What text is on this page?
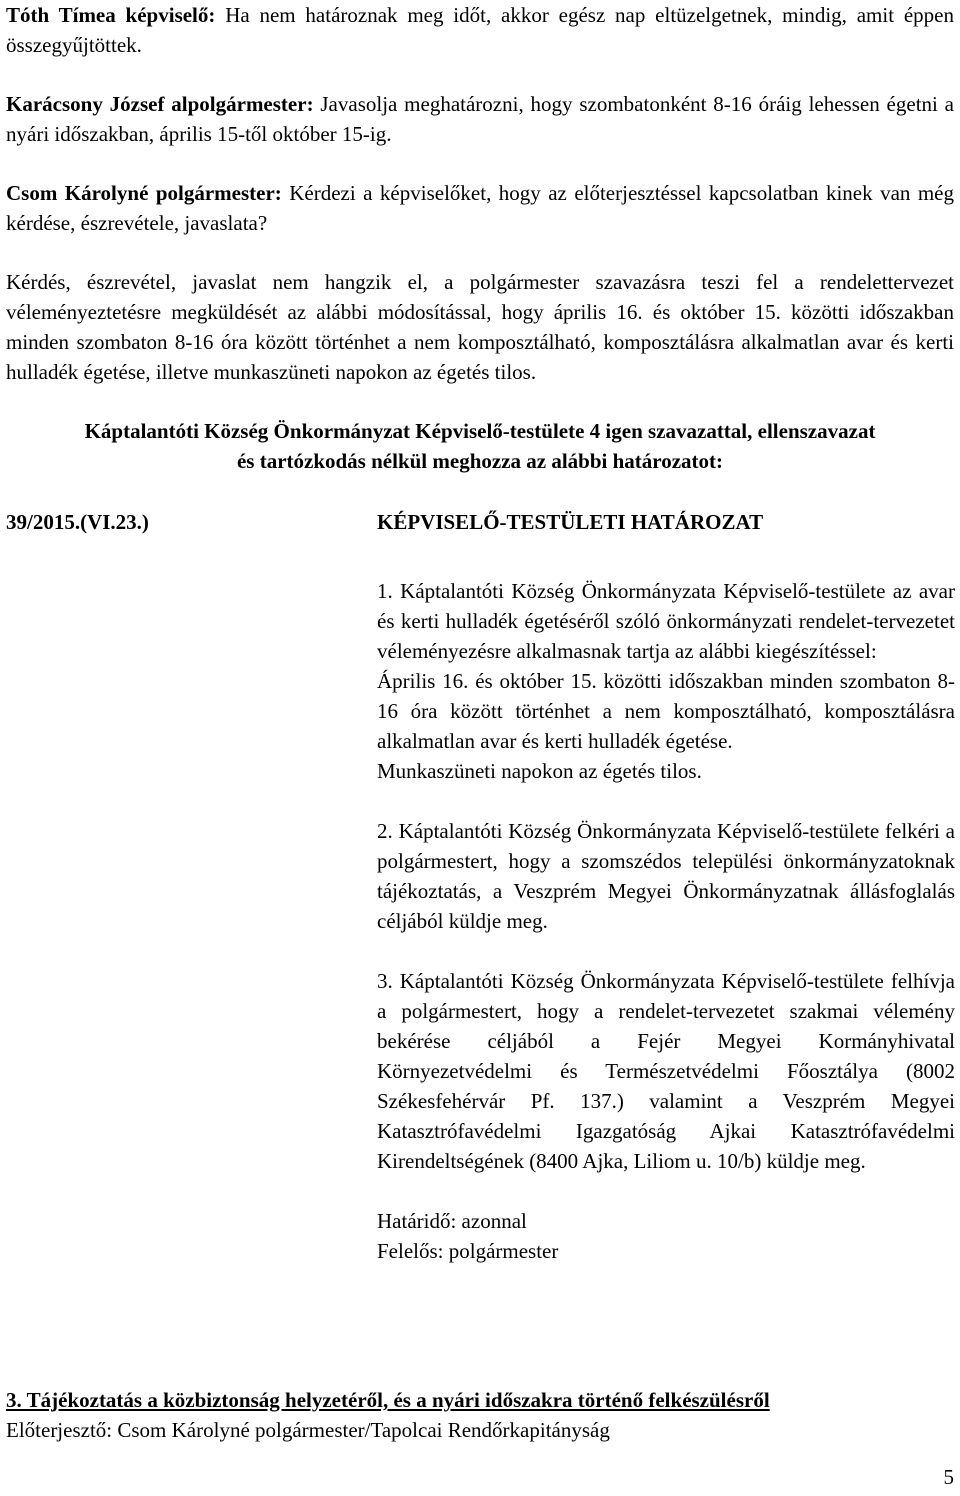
Tóth Tímea képviselő: Ha nem határoznak meg időt, akkor egész nap eltüzelgetnek, mindig, amit éppen összegyűjtöttek.

Karácsony József alpolgármester: Javasolja meghatározni, hogy szombatonként 8-16 óráig lehessen égetni a nyári időszakban, április 15-től október 15-ig.

Csom Károlyné polgármester: Kérdezi a képviselőket, hogy az előterjesztéssel kapcsolatban kinek van még kérdése, észrevétele, javaslata?

Kérdés, észrevétel, javaslat nem hangzik el, a polgármester szavazásra teszi fel a rendelettervezet véleményeztetésre megküldését az alábbi módosítással, hogy április 16. és október 15. közötti időszakban minden szombaton 8-16 óra között történhet a nem komposztálható, komposztálásra alkalmatlan avar és kerti hulladék égetése, illetve munkaszüneti napokon az égetés tilos.

Káptalantóti Község Önkormányzat Képviselő-testülete 4 igen szavazattal, ellenszavazat
és tartózkodás nélkül meghozza az alábbi határozatot:
39/2015.(VI.23.)	KÉPVISELŐ-TESTÜLETI HATÁROZAT

1. Káptalantóti Község Önkormányzata Képviselő-testülete az avar és kerti hulladék égetéséről szóló önkormányzati rendelet-tervezetet véleményezésre alkalmasnak tartja az alábbi kiegészítéssel:

Április 16. és október 15. közötti időszakban minden szombaton 8-16 óra között történhet a nem komposztálható, komposztálásra alkalmatlan avar és kerti hulladék égetése.

Munkaszüneti napokon az égetés tilos.

2. Káptalantóti Község Önkormányzata Képviselő-testülete felkéri a polgármestert, hogy a szomszédos települési önkormányzatoknak tájékoztatás, a Veszprém Megyei Önkormányzatnak állásfoglalás céljából küldje meg.

3. Káptalantóti Község Önkormányzata Képviselő-testülete felhívja a polgármestert, hogy a rendelet-tervezetet szakmai vélemény bekérése céljából a Fejér Megyei Kormányhivatal Környezetvédelmi és Természetvédelmi Főosztálya (8002 Székesfehérvár Pf. 137.) valamint a Veszprém Megyei Katasztrófavédelmi Igazgatóság Ajkai Katasztrófavédelmi Kirendeltségének (8400 Ajka, Liliom u. 10/b) küldje meg.

Határidő: azonnal

Felelős: polgármester

3. Tájékoztatás a közbiztonság helyzetéről, és a nyári időszakra történő felkészülésről
Előterjesztő: Csom Károlyné polgármester/Tapolcai Rendőrkapitányság
5
